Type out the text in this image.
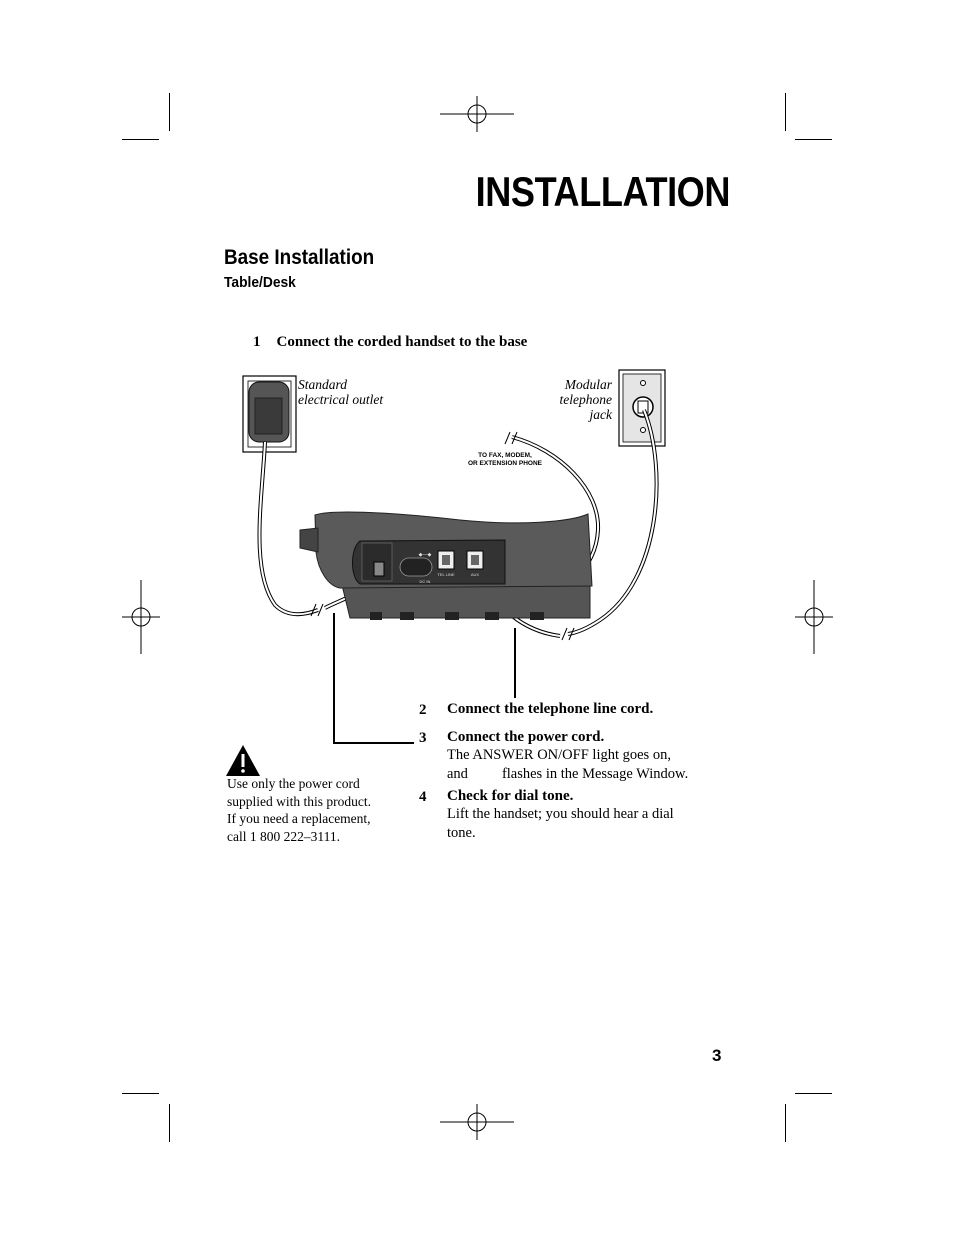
INSTALLATION
Base Installation
Table/Desk
1 Connect the corded handset to the base
◆—◆
DC IN
TEL LINE	AUX
Standard
electrical outlet
Modular
telephone
jack
TO FAX, MODEM,
OR EXTENSION PHONE
2 Connect the telephone line cord.
3 Connect the power cord.
The ANSWER ON/OFF light goes on,
and flashes in the Message Window.
4 Check for dial tone.
Lift the handset; you should hear a dial
tone.
Use only the power cord
supplied with this product.
If you need a replacement,
call 1 800 222–3111.
3
